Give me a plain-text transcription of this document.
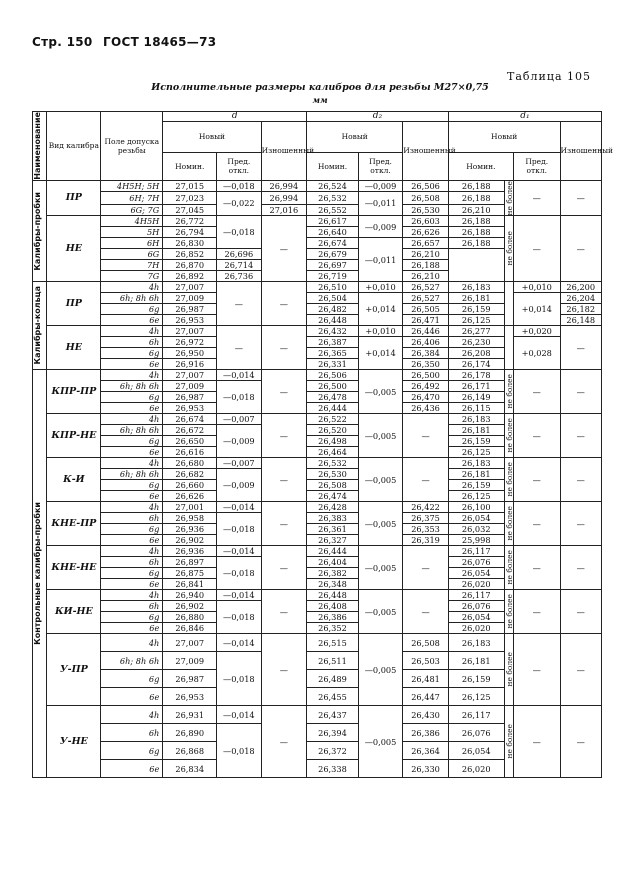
Стр. 150 ГОСТ 18465—73
Таблица 105
Исполнительные размеры калибров для резьбы М27×0,75
мм
Наименование	Вид калибра	Поле допуска резьбы	d			d₂			d₁			
			Новый		Изношенный	Новый		Изношенный	Новый			Изношенный
			Номин.	Пред. откл.		Номин.	Пред. откл.		Номин.		Пред. откл.	

Калибры-пробки	ПР	4Н5Н; 5Н	27,015	—0,018	26,994	26,524	—0,009	26,506	26,188	не более	—	—
		6Н; 7Н	27,023	—0,022	26,994	26,532	—0,011	26,508	26,188			
		6G; 7G	27,045		27,016	26,552		26,530	26,210			
	НЕ	4Н5Н	26,772	—0,018	—	26,617	—0,009	26,603	26,188	не более	—	—
		5Н	26,794			26,640		26,626	26,188			
		6Н	26,830			26,674	—0,011	26,657	26,188			
		6G	26,852	26,696		26,679		26,210				
		7Н	26,870	26,714		26,697		26,188				
		7G	26,892	26,736		26,719		26,210				

Калибры-кольца	ПР	4h	27,007	—	—	26,510	+0,010	26,527	26,183		+0,010	26,200
		6h; 8h 6h	27,009			26,504	+0,014	26,527	26,181		+0,014	26,204
		6g	26,987			26,482		26,505	26,159			26,182
		6e	26,953			26,448		26,471	26,125			26,148
	НЕ	4h	27,007	—	—	26,432	+0,010	26,446	26,277		+0,020	—
		6h	26,972			26,387	+0,014	26,406	26,230		+0,028	
		6g	26,950			26,365		26,384	26,208			
		6e	26,916			26,331		26,350	26,174			

Контрольные калибры-пробки	КПР-ПР	4h	27,007	—0,014	—	26,506	—0,005	26,500	26,178	не более	—	—
		6h; 8h 6h	27,009	—0,018		26,500		26,492	26,171			
		6g	26,987			26,478		26,470	26,149			
		6e	26,953			26,444		26,436	26,115			
	КПР-НЕ	4h	26,674	—0,007	—	26,522	—0,005	—	26,183	не более	—	—
		6h; 8h 6h	26,672	—0,009		26,520			26,181			
		6g	26,650			26,498			26,159			
		6e	26,616			26,464			26,125			
	К-И	4h	26,680	—0,007	—	26,532	—0,005	—	26,183	не более	—	—
		6h; 8h 6h	26,682	—0,009		26,530			26,181			
		6g	26,660			26,508			26,159			
		6e	26,626			26,474			26,125			
	КНЕ-ПР	4h	27,001	—0,014	—	26,428	—0,005	26,422	26,100	не более	—	—
		6h	26,958	—0,018		26,383		26,375	26,054			
		6g	26,936			26,361		26,353	26,032			
		6e	26,902			26,327		26,319	25,998			
	КНЕ-НЕ	4h	26,936	—0,014	—	26,444	—0,005	—	26,117	не более	—	—
		6h	26,897	—0,018		26,404			26,076			
		6g	26,875			26,382			26,054			
		6e	26,841			26,348			26,020			
	КИ-НЕ	4h	26,940	—0,014	—	26,448	—0,005	—	26,117	не более	—	—
		6h	26,902	—0,018		26,408			26,076			
		6g	26,880			26,386			26,054			
		6e	26,846			26,352			26,020			
	У-ПР	4h	27,007	—0,014	—	26,515	—0,005	26,508	26,183	не более	—	—
		6h; 8h 6h	27,009	—0,018		26,511		26,503	26,181			
		6g	26,987			26,489		26,481	26,159			
		6e	26,953			26,455		26,447	26,125			
	У-НЕ	4h	26,931	—0,014	—	26,437	—0,005	26,430	26,117	не более	—	—
		6h	26,890	—0,018		26,394		26,386	26,076			
		6g	26,868			26,372		26,364	26,054			
		6e	26,834			26,338		26,330	26,020			
